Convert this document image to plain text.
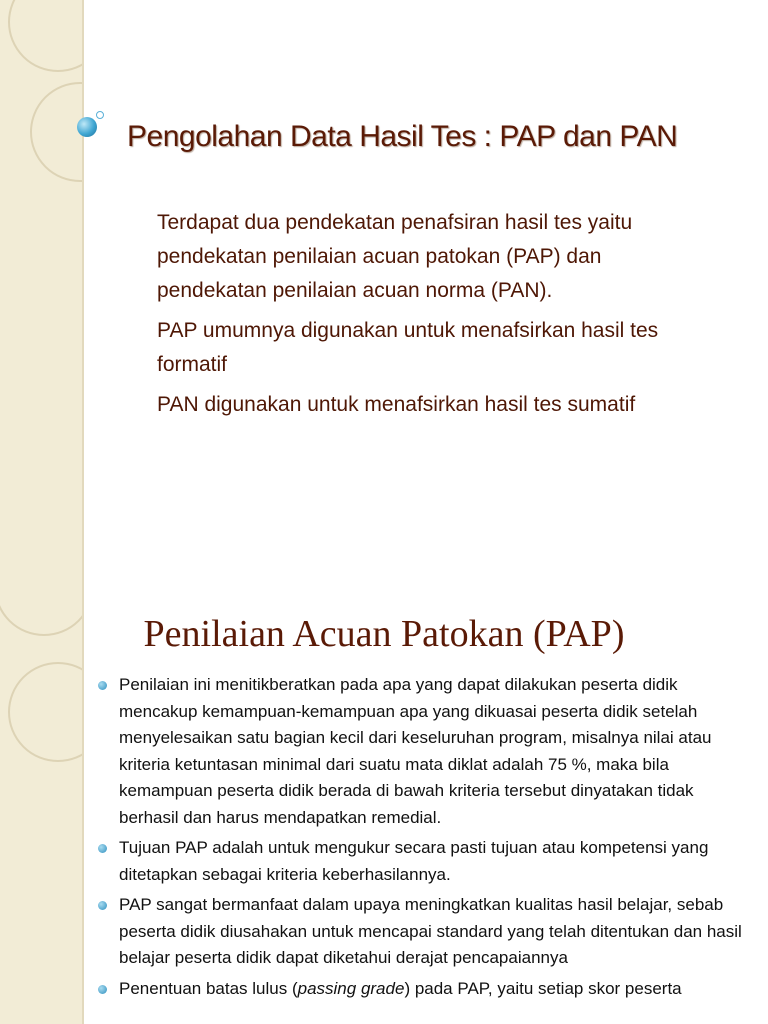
Pengolahan Data Hasil Tes : PAP dan PAN

Terdapat dua pendekatan penafsiran hasil tes yaitu pendekatan penilaian acuan patokan (PAP) dan pendekatan penilaian acuan norma (PAN).

PAP umumnya digunakan untuk menafsirkan hasil tes formatif

PAN digunakan untuk menafsirkan hasil tes sumatif

Penilaian Acuan Patokan (PAP)
Penilaian ini menitikberatkan pada apa yang dapat dilakukan peserta didik mencakup kemampuan-kemampuan apa yang dikuasai peserta didik setelah menyelesaikan satu bagian kecil dari keseluruhan program, misalnya nilai atau kriteria ketuntasan minimal dari suatu mata diklat adalah 75 %, maka bila kemampuan peserta didik berada di bawah kriteria tersebut dinyatakan tidak berhasil dan harus mendapatkan remedial.
Tujuan PAP adalah untuk mengukur secara pasti tujuan atau kompetensi yang ditetapkan sebagai kriteria keberhasilannya.
PAP sangat bermanfaat dalam upaya meningkatkan kualitas hasil belajar, sebab peserta didik diusahakan untuk mencapai standard yang telah ditentukan dan hasil belajar peserta didik dapat diketahui derajat pencapaiannya
Penentuan batas lulus (passing grade) pada PAP, yaitu setiap skor peserta
